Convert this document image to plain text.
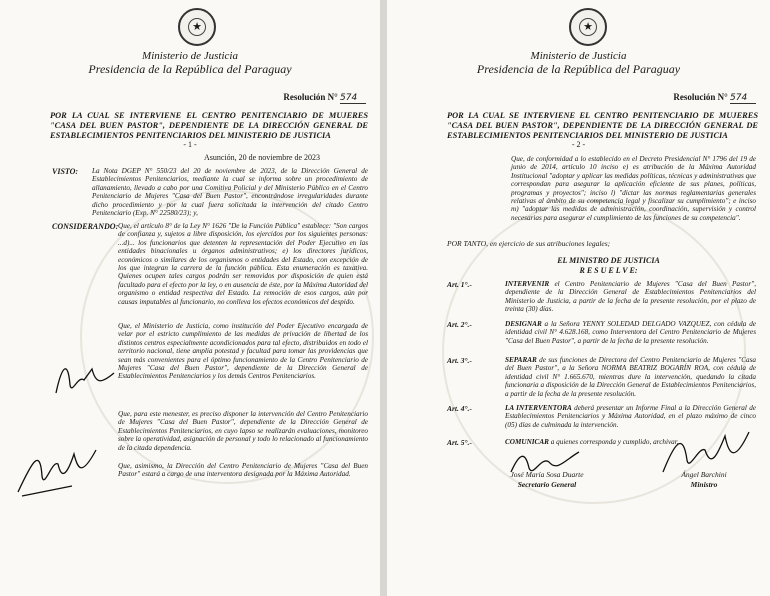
★
Ministerio de Justicia
Presidencia de la República del Paraguay
Resolución N° 574
POR LA CUAL SE INTERVIENE EL CENTRO PENITENCIARIO DE MUJERES "CASA DEL BUEN PASTOR", DEPENDIENTE DE LA DIRECCIÓN GENERAL DE ESTABLECIMIENTOS PENITENCIARIOS DEL MINISTERIO DE JUSTICIA
- 1 -
Asunción, 20 de noviembre de 2023
VISTO: La Nota DGEP N° 550/23 del 20 de noviembre de 2023, de la Dirección General de Establecimientos Penitenciarios, mediante la cual se informa sobre un procedimiento de allanamiento, llevado a cabo por una Comitiva Policial y del Ministerio Público en el Centro Penitenciario de Mujeres "Casa del Buen Pastor", encontrándose irregularidades durante dicho procedimiento y por la cual fuera solicitada la intervención del citado Centro Penitenciario (Exp. N° 22580/23); y,
CONSIDERANDO: Que, el artículo 8° de la Ley N° 1626 "De la Función Pública" establece: "Son cargos de confianza y, sujetos a libre disposición, los ejercidos por los siguientes personas: ...d)... los funcionarios que detenten la representación del Poder Ejecutivo en las entidades binacionales u órganos administrativos; e) los directores jurídicos, económicos o similares de los organismos o entidades del Estado, con excepción de los que integran la carrera de la función pública. Esta enumeración es taxativa. Quienes ocupen tales cargos podrán ser removidos por disposición de quien está facultado para el efecto por la ley, o en ausencia de éste, por la Máxima Autoridad del organismo o entidad respectiva del Estado. La remoción de esos cargos, aún por causas imputables al funcionario, no conlleva los efectos económicos del despido.
Que, el Ministerio de Justicia, como institución del Poder Ejecutivo encargada de velar por el estricto cumplimiento de las medidas de privación de libertad de los distintos centros especialmente acondicionados para tal efecto, distribuidos en todo el territorio nacional, tiene amplia potestad y facultad para tomar las providencias que sean más convenientes para el óptimo funcionamiento de la Centro Penitenciario de Mujeres "Casa del Buen Pastor", dependiente de la Dirección General de Establecimientos Penitenciarios y los demás Centros Penitenciarios.
Que, para este menester, es preciso disponer la intervención del Centro Penitenciario de Mujeres "Casa del Buen Pastor", dependiente de la Dirección General de Establecimientos Penitenciarios, en cuyo lapso se realizarán evaluaciones, monitoreo sobre la operatividad, asignación de personal y todo lo relacionado al funcionamiento de la citada dependencia.
Que, asimismo, la Dirección del Centro Penitenciario de Mujeres "Casa del Buen Pastor" estará a cargo de una interventora designada por la Máxima Autoridad.
★
Ministerio de Justicia
Presidencia de la República del Paraguay
Resolución N° 574
POR LA CUAL SE INTERVIENE EL CENTRO PENITENCIARIO DE MUJERES "CASA DEL BUEN PASTOR", DEPENDIENTE DE LA DIRECCIÓN GENERAL DE ESTABLECIMIENTOS PENITENCIARIOS DEL MINISTERIO DE JUSTICIA
- 2 -
Que, de conformidad a lo establecido en el Decreto Presidencial N° 1796 del 19 de junio de 2014, artículo 10 inciso e) es atribución de la Máxima Autoridad Institucional "adoptar y aplicar las medidas políticas, técnicas y administrativas que correspondan para asegurar la aplicación eficiente de sus planes, políticas, programas y proyectos"; inciso l) "dictar las normas reglamentarias generales relativas al ámbito de su competencia legal y fiscalizar su cumplimiento"; e inciso m) "adoptar las medidas de administración, coordinación, supervisión y control necesarias para asegurar el cumplimiento de las funciones de su competencia".
POR TANTO, en ejercicio de sus atribuciones legales;
EL MINISTRO DE JUSTICIA
R E S U E L V E:
Art. 1°.-	INTERVENIR el Centro Penitenciario de Mujeres "Casa del Buen Pastor", dependiente de la Dirección General de Establecimientos Penitenciarios del Ministerio de Justicia, a partir de la fecha de la presente resolución, por el plazo de treinta (30) días.
Art. 2°.-	DESIGNAR a la Señora YENNY SOLEDAD DELGADO VAZQUEZ, con cédula de identidad civil N° 4.628.168, como Interventora del Centro Penitenciario de Mujeres "Casa del Buen Pastor", a partir de la fecha de la presente resolución.
Art. 3°.-	SEPARAR de sus funciones de Directora del Centro Penitenciario de Mujeres "Casa del Buen Pastor", a la Señora NORMA BEATRIZ BOGARÍN ROA, con cédula de identidad civil N° 1.665.670, mientras dure la intervención, quedando la citada funcionaria a disposición de la Dirección General de Establecimientos Penitenciarios, a partir de la fecha de la presente resolución.
Art. 4°.-	LA INTERVENTORA deberá presentar un Informe Final a la Dirección General de Establecimientos Penitenciarios y Máxima Autoridad, en el plazo máximo de cinco (05) días de culminada la intervención.
Art. 5°.-	COMUNICAR a quienes corresponda y cumplido, archivar.
José María Sosa Duarte
Secretario General
Ángel Barchini
Ministro
